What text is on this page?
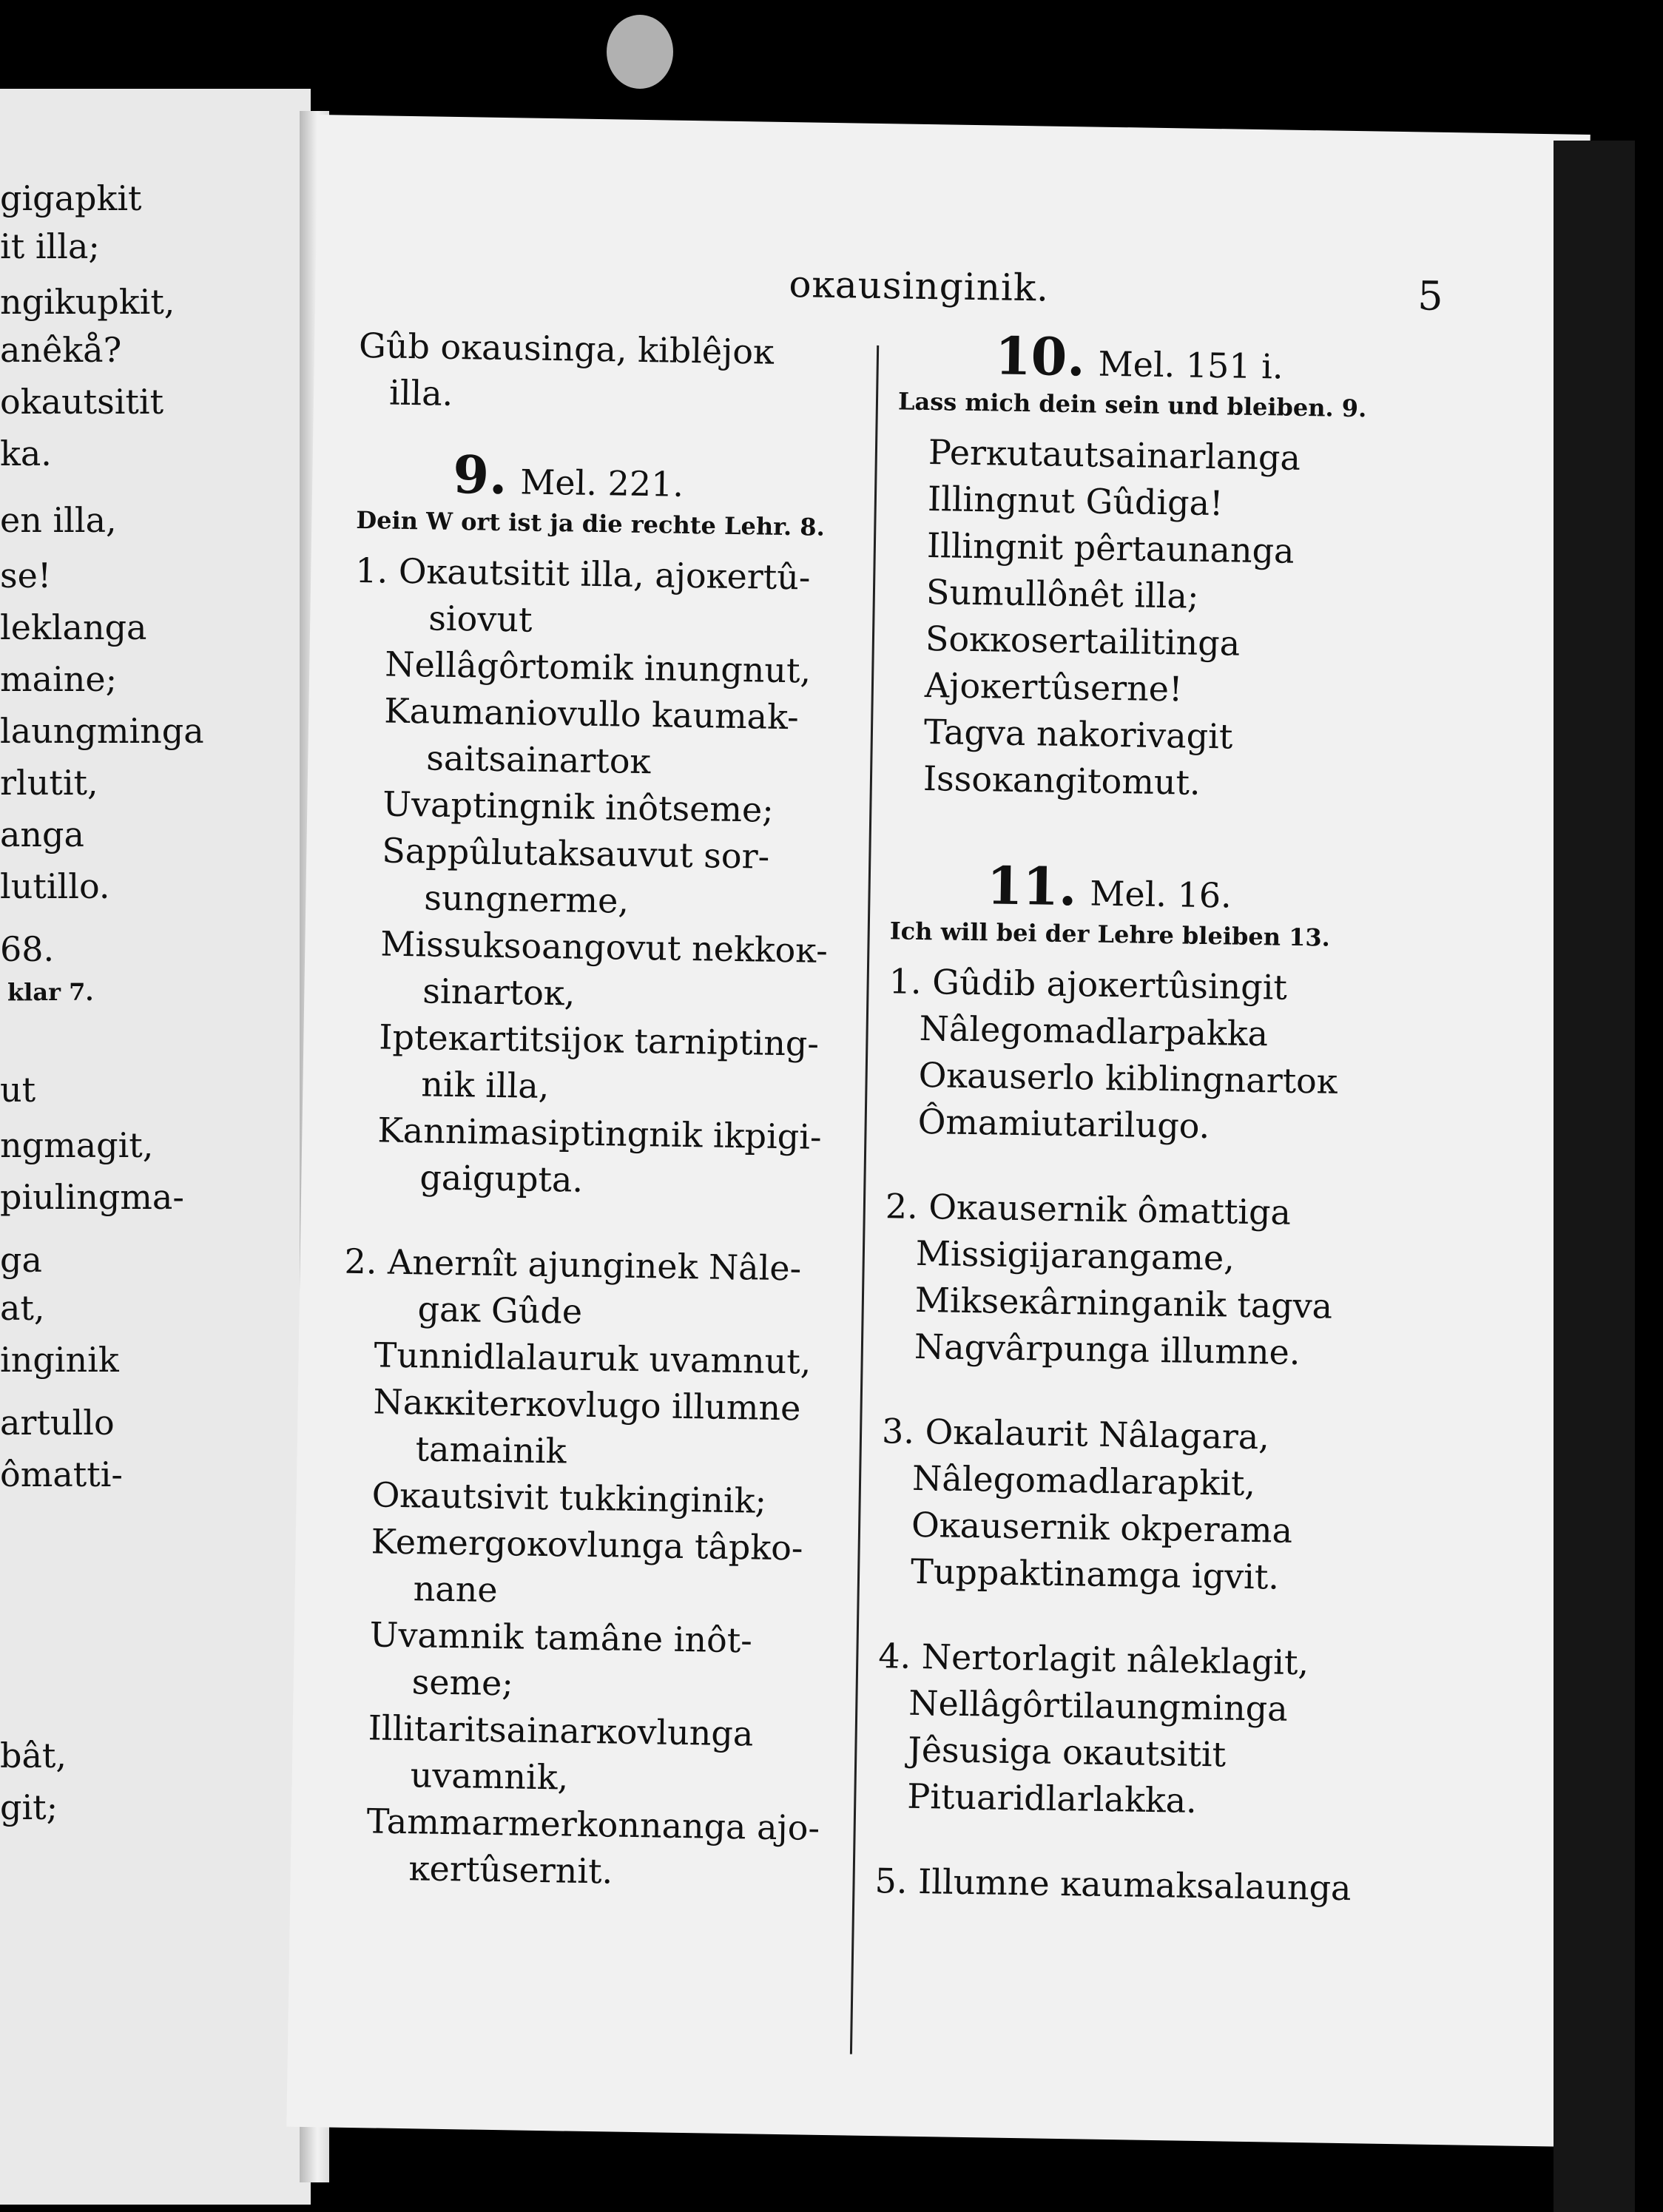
gigapkit
it illa;
ngikupkit,
anêkå?
okautsitit
ka.
en illa,
se!
leklanga
maine;
laungminga
rlutit,
anga
lutillo.
68.
klar 7.
ut
ngmagit,
piulingma-
ga
at,
inginik
artullo
ômatti-
bât,
git;
oĸausinginik.	5
Gûb oĸausinga, kiblêjoĸ
illa.
9. Mel. 221.
Dein W ort ist ja die rechte Lehr. 8.
1. Oĸautsitit illa, ajoĸertû-
siovut
Nellâgôrtomik inungnut,
Kaumaniovullo kaumak-
saitsainartoĸ
Uvaptingnik inôtseme;
Sappûlutaksauvut sor-
sungnerme,
Missuksoangovut nekkoĸ-
sinartoĸ,
Ipteĸartitsijoĸ tarnipting-
nik illa,
Kannimasiptingnik ikpigi-
gaigupta.
2. Anernît ajunginek Nâle-
gaĸ Gûde
Tunnidlalauruk uvamnut,
Naĸĸiterĸovlugo illumne
tamainik
Oĸautsivit tukkinginik;
Kemergoĸovlunga tâpko-
nane
Uvamnik tamâne inôt-
seme;
Illitaritsainarĸovlunga
uvamnik,
Tammarmerkonnanga ajo-
ĸertûsernit.
10. Mel. 151 i.
Lass mich dein sein und bleiben. 9.
Perĸutautsainarlanga
Illingnut Gûdiga!
Illingnit pêrtaunanga
Sumullônêt illa;
Soĸĸosertailitinga
Ajoĸertûserne!
Tagva nakorivagit
Issoĸangitomut.
11. Mel. 16.
Ich will bei der Lehre bleiben 13.
1. Gûdib ajoĸertûsingit
Nâlegomadlarpakka
Oĸauserlo kiblingnartoĸ
Ômamiutarilugo.
2. Oĸausernik ômattiga
Missigijarangame,
Mikseĸârninganik tagva
Nagvârpunga illumne.
3. Oĸalaurit Nâlagara,
Nâlegomadlarapkit,
Oĸausernik okperama
Tuppaktinamga igvit.
4. Nertorlagit nâleklagit,
Nellâgôrtilaungminga
Jêsusiga oĸautsitit
Pituaridlarlakka.
5. Illumne ĸaumaksalaunga
